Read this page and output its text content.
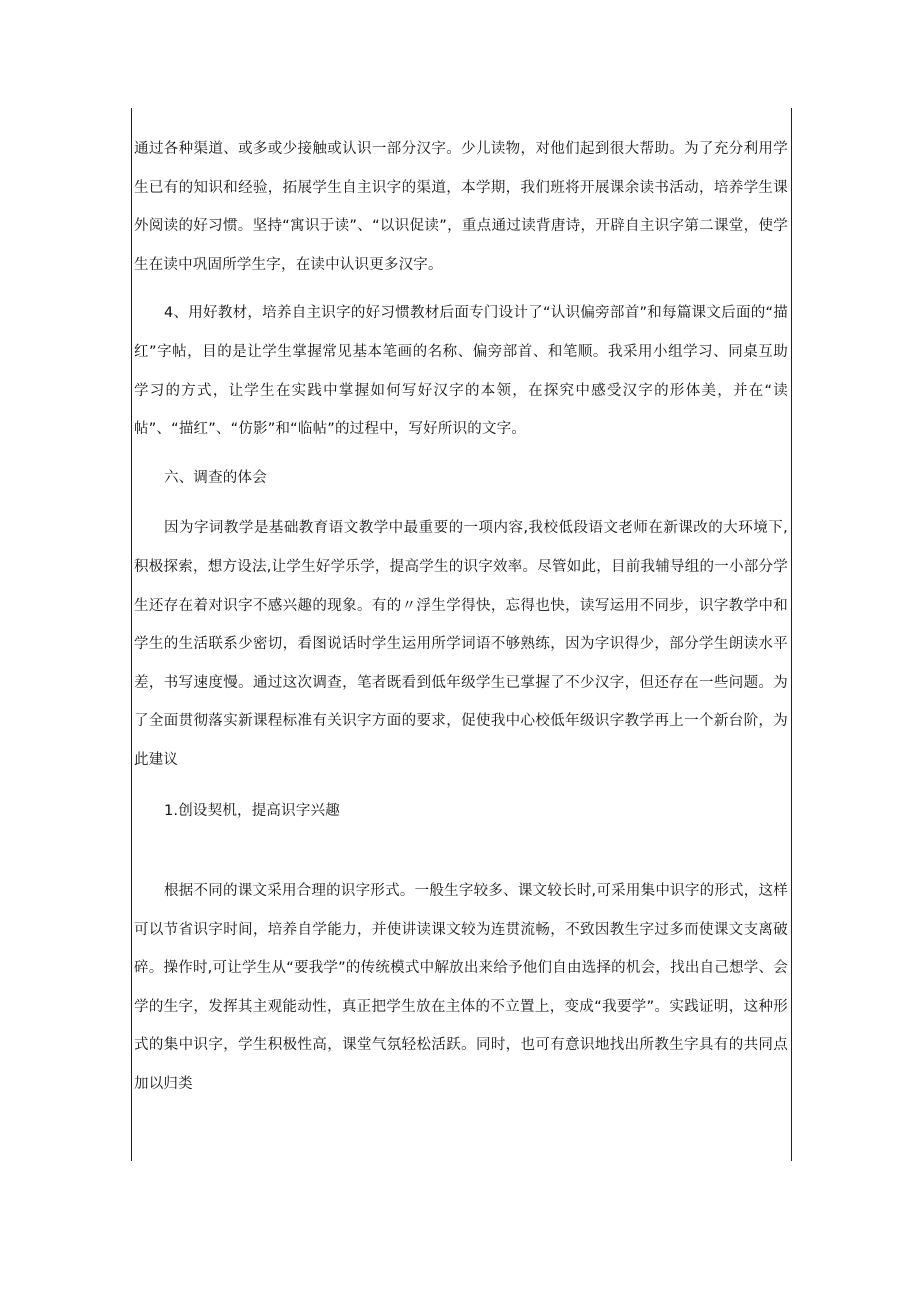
通过各种渠道、或多或少接触或认识一部分汉字。少儿读物，对他们起到很大帮助。为了充分利用学生已有的知识和经验，拓展学生自主识字的渠道，本学期，我们班将开展课余读书活动，培养学生课外阅读的好习惯。坚持“寓识于读”、“以识促读”，重点通过读背唐诗，开辟自主识字第二课堂，使学生在读中巩固所学生字，在读中认识更多汉字。

4、用好教材，培养自主识字的好习惯教材后面专门设计了“认识偏旁部首”和每篇课文后面的“描红”字帖，目的是让学生掌握常见基本笔画的名称、偏旁部首、和笔顺。我采用小组学习、同桌互助学习的方式，让学生在实践中掌握如何写好汉字的本领，在探究中感受汉字的形体美，并在“读帖”、“描红”、“仿影”和“临帖”的过程中，写好所识的文字。

六、调查的体会

因为字词教学是基础教育语文教学中最重要的一项内容,我校低段语文老师在新课改的大环境下,积极探索，想方设法,让学生好学乐学，提高学生的识字效率。尽管如此，目前我辅导组的一小部分学生还存在着对识字不感兴趣的现象。有的〃浮生学得快，忘得也快，读写运用不同步，识字教学中和学生的生活联系少密切，看图说话时学生运用所学词语不够熟练，因为字识得少，部分学生朗读水平差，书写速度慢。通过这次调查，笔者既看到低年级学生已掌握了不少汉字，但还存在一些问题。为了全面贯彻落实新课程标准有关识字方面的要求，促使我中心校低年级识字教学再上一个新台阶，为此建议

1.创设契机，提高识字兴趣

根据不同的课文采用合理的识字形式。一般生字较多、课文较长时,可采用集中识字的形式，这样可以节省识字时间，培养自学能力，并使讲读课文较为连贯流畅，不致因教生字过多而使课文支离破碎。操作时,可让学生从“要我学”的传统模式中解放出来给予他们自由选择的机会，找出自己想学、会学的生字，发挥其主观能动性，真正把学生放在主体的不立置上，变成“我要学”。实践证明，这种形式的集中识字，学生积极性高，课堂气氛轻松活跃。同时，也可有意识地找出所教生字具有的共同点加以归类
